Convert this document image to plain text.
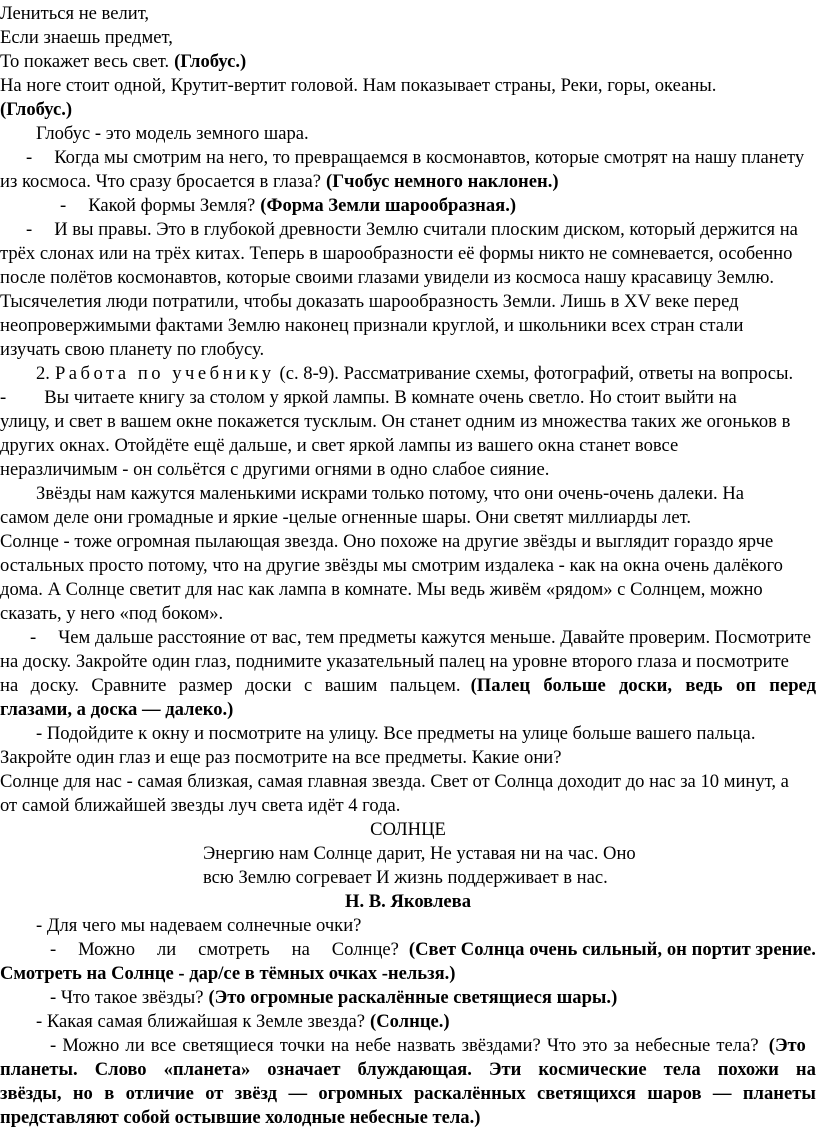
Лениться не велит,
Если знаешь предмет,
То покажет весь свет. (Глобус.)
На ноге стоит одной, Крутит-вертит головой. Нам показывает страны, Реки, горы, океаны.
(Глобус.)
Глобус - это модель земного шара.
- Когда мы смотрим на него, то превращаемся в космонавтов, которые смотрят на нашу планету
из космоса. Что сразу бросается в глаза? (Гчобус немного наклонен.)
- Какой формы Земля? (Форма Земли шарообразная.)
- И вы правы. Это в глубокой древности Землю считали плоским диском, который держится на
трёх слонах или на трёх китах. Теперь в шарообразности её формы никто не сомневается, особенно
после полётов космонавтов, которые своими глазами увидели из космоса нашу красавицу Землю.
Тысячелетия люди потратили, чтобы доказать шарообразность Земли. Лишь в XV веке перед
неопровержимыми фактами Землю наконец признали круглой, и школьники всех стран стали
изучать свою планету по глобусу.
2. Работа по учебнику (с. 8-9). Рассматривание схемы, фотографий, ответы на вопросы.
- Вы читаете книгу за столом у яркой лампы. В комнате очень светло. Но стоит выйти на
улицу, и свет в вашем окне покажется тусклым. Он станет одним из множества таких же огоньков в
других окнах. Отойдёте ещё дальше, и свет яркой лампы из вашего окна станет вовсе
неразличимым - он сольётся с другими огнями в одно слабое сияние.
Звёзды нам кажутся маленькими искрами только потому, что они очень-очень далеки. На
самом деле они громадные и яркие -целые огненные шары. Они светят миллиарды лет.
Солнце - тоже огромная пылающая звезда. Оно похоже на другие звёзды и выглядит гораздо ярче
остальных просто потому, что на другие звёзды мы смотрим издалека - как на окна очень далёкого
дома. А Солнце светит для нас как лампа в комнате. Мы ведь живём «рядом» с Солнцем, можно
сказать, у него «под боком».
- Чем дальше расстояние от вас, тем предметы кажутся меньше. Давайте проверим. Посмотрите
на доску. Закройте один глаз, поднимите указательный палец на уровне второго глаза и посмотрите
на доску. Сравните размер доски с вашим пальцем. (Палец больше доски, ведь оп перед
глазами, а доска — далеко.)
- Подойдите к окну и посмотрите на улицу. Все предметы на улице больше вашего пальца.
Закройте один глаз и еще раз посмотрите на все предметы. Какие они?
Солнце для нас - самая близкая, самая главная звезда. Свет от Солнца доходит до нас за 10 минут, а
от самой ближайшей звезды луч света идёт 4 года.
СОЛНЦЕ
Энергию нам Солнце дарит, Не уставая ни на час. Оно
всю Землю согревает И жизнь поддерживает в нас.
Н. В. Яковлева
- Для чего мы надеваем солнечные очки?
- Можно ли смотреть на Солнце? (Свет Солнца очень сильный, он портит зрение.
Смотреть на Солнце - дар/се в тёмных очках -нельзя.)
- Что такое звёзды? (Это огромные раскалённые светящиеся шары.)
- Какая самая ближайшая к Земле звезда? (Солнце.)
- Можно ли все светящиеся точки на небе назвать звёздами? Что это за небесные тела? (Это
планеты. Слово «планета» означает блуждающая. Эти космические тела похожи на
звёзды, но в отличие от звёзд — огромных раскалённых светящихся шаров — планеты
представляют собой остывшие холодные небесные тела.)
